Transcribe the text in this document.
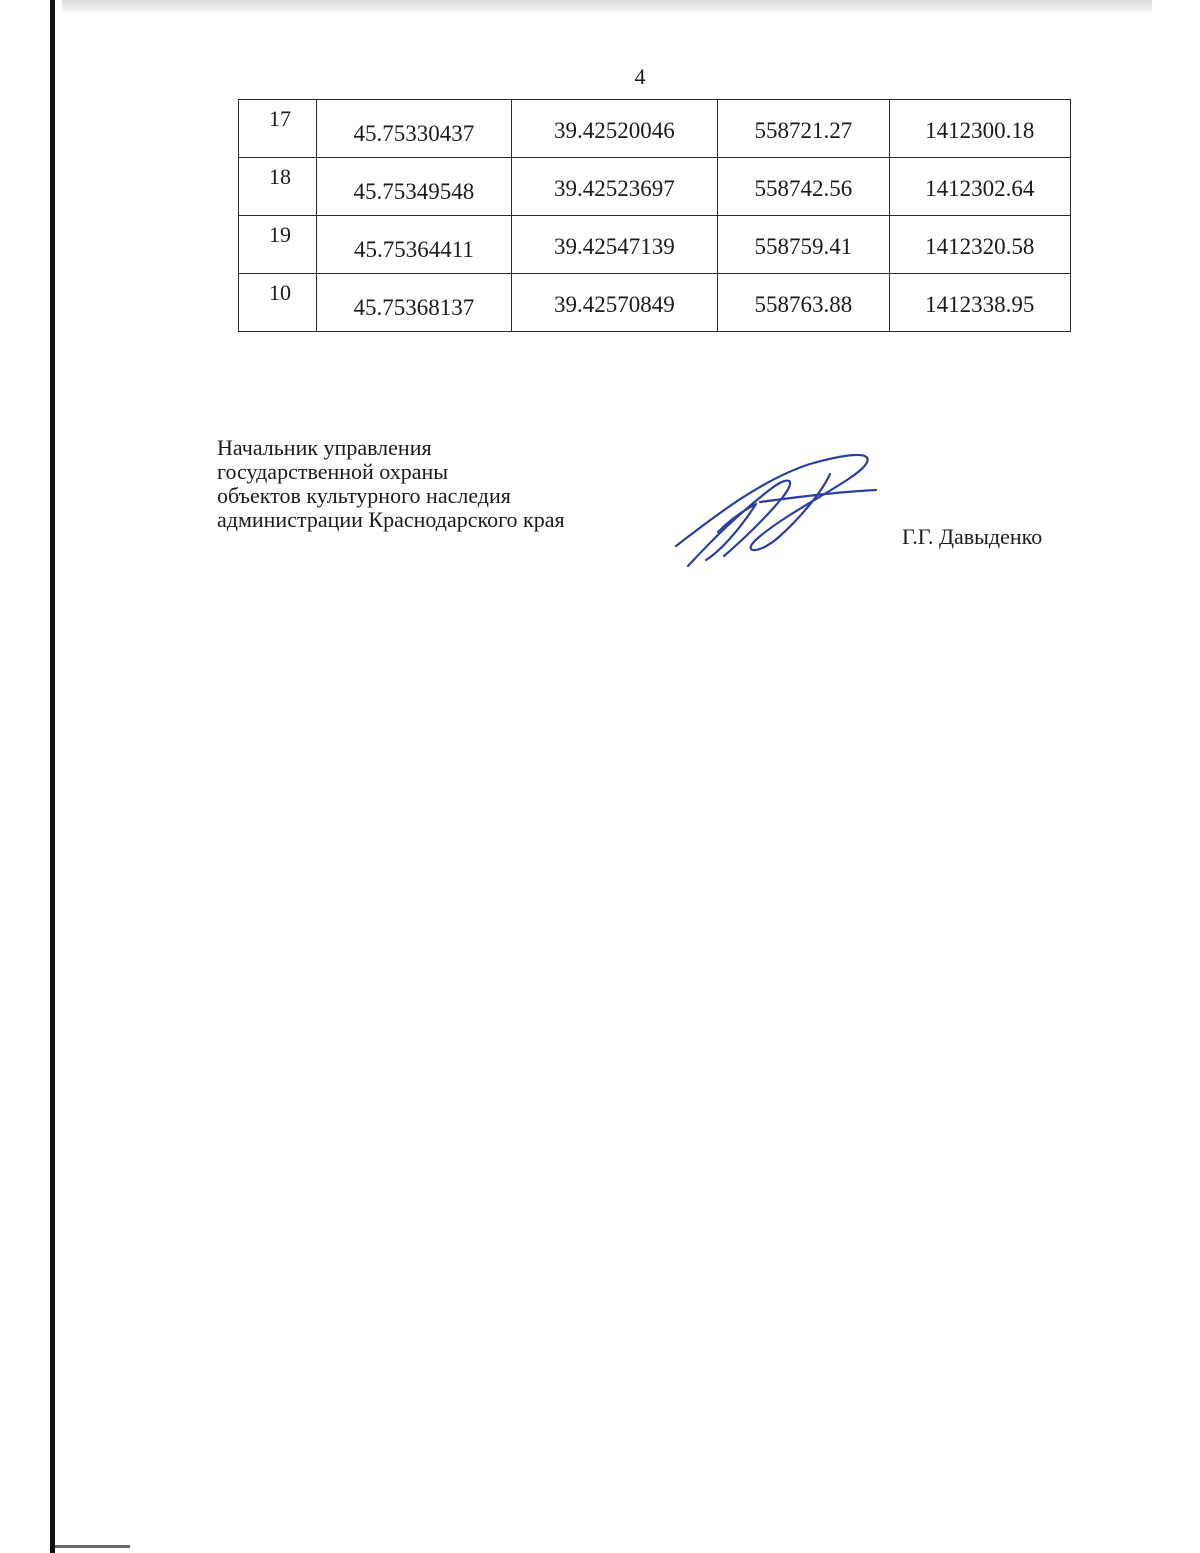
4
17	45.75330437	39.42520046	558721.27	1412300.18
18	45.75349548	39.42523697	558742.56	1412302.64
19	45.75364411	39.42547139	558759.41	1412320.58
10	45.75368137	39.42570849	558763.88	1412338.95
Начальник управления
государственной охраны
объектов культурного наследия
администрации Краснодарского края
Г.Г. Давыденко
